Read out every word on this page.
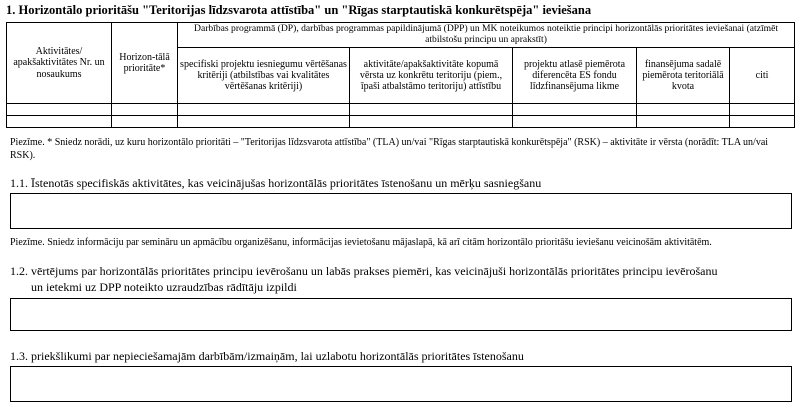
1. Horizontālo prioritāšu "Teritorijas līdzsvarota attīstība" un "Rīgas starptautiskā konkurētspēja" ieviešana
Aktivitātes/ apakšaktivitātes Nr. un nosaukums	Horizon-tālā prioritāte*	Darbības programmā (DP), darbības programmas papildinājumā (DPP) un MK noteikumos noteiktie principi horizontālās prioritātes ieviešanai (atzīmēt atbilstošu principu un aprakstīt)				
		specifiski projektu iesniegumu vērtēšanas kritēriji (atbilstības vai kvalitātes vērtēšanas kritēriji)	aktivitāte/apakšaktivitāte kopumā vērsta uz konkrētu teritoriju (piem., īpaši atbalstāmo teritoriju) attīstību	projektu atlasē piemērota diferencēta ES fondu līdzfinansējuma likme	finansējuma sadalē piemērota teritoriālā kvota	citi

Piezīme. * Sniedz norādi, uz kuru horizontālo prioritāti – "Teritorijas līdzsvarota attīstība" (TLA) un/vai "Rīgas starptautiskā konkurētspēja" (RSK) – aktivitāte ir vērsta (norādīt: TLA un/vai RSK).
1.1. Īstenotās specifiskās aktivitātes, kas veicinājušas horizontālās prioritātes īstenošanu un mērķu sasniegšanu
Piezīme. Sniedz informāciju par semināru un apmācību organizēšanu, informācijas ievietošanu mājaslapā, kā arī citām horizontālo prioritāšu ieviešanu veicinošām aktivitātēm.
1.2. vērtējums par horizontālās prioritātes principu ievērošanu un labās prakses piemēri, kas veicinājuši horizontālās prioritātes principu ievērošanu
un ietekmi uz DPP noteikto uzraudzības rādītāju izpildi
1.3. priekšlikumi par nepieciešamajām darbībām/izmaiņām, lai uzlabotu horizontālās prioritātes īstenošanu
